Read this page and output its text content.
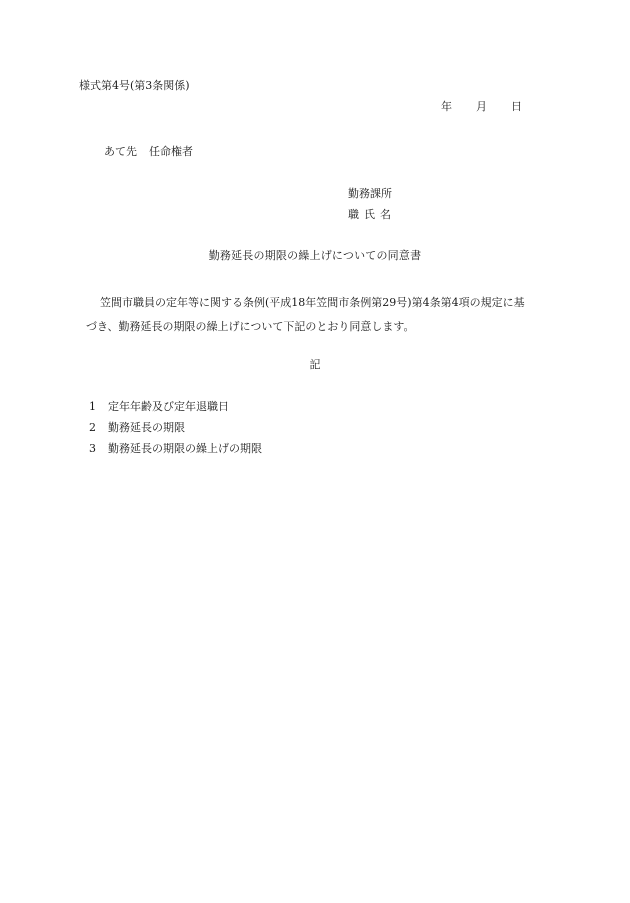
様式第4号(第3条関係)
年 月 日
あて先 任命権者
勤務課所
職氏名
勤務延長の期限の繰上げについての同意書

笠間市職員の定年等に関する条例(平成18年笠間市条例第29号)第4条第4項の規定に基

づき、勤務延長の期限の繰上げについて下記のとおり同意します。

記
1	定年年齢及び定年退職日
2	勤務延長の期限
3	勤務延長の期限の繰上げの期限
